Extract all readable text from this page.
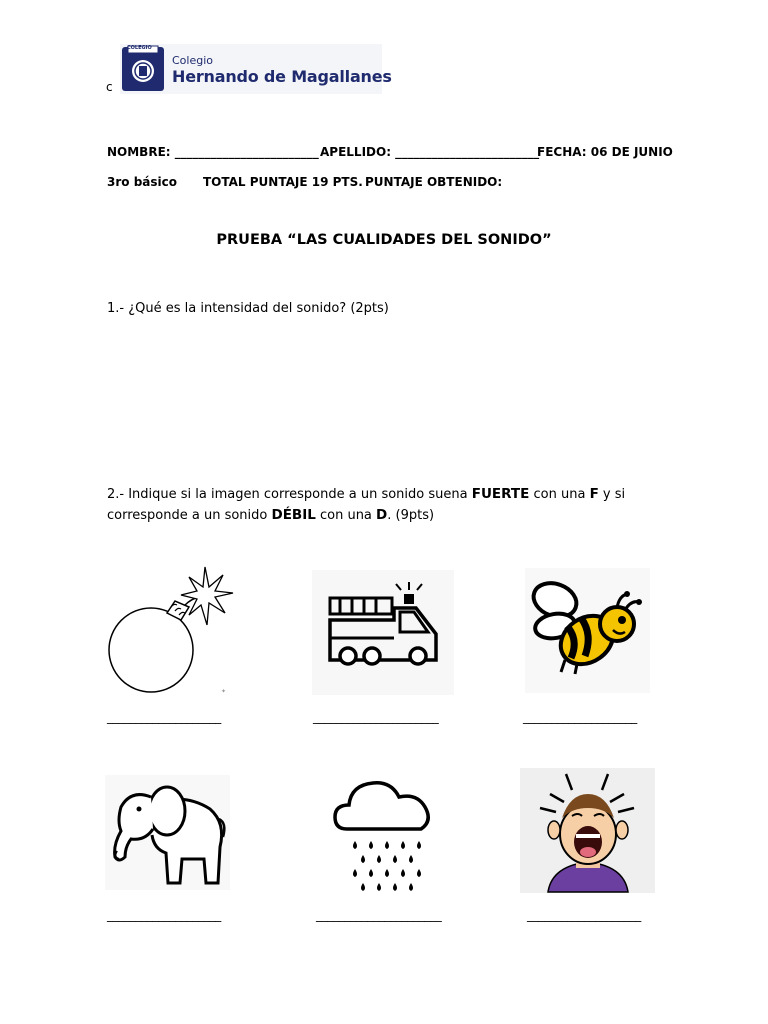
c
COLEGIO
Colegio
Hernando de Magallanes
NOMBRE: ________________________ APELLIDO: ________________________
FECHA: 06 DE JUNIO
3ro básico TOTAL PUNTAJE 19 PTS. PUNTAJE OBTENIDO:
PRUEBA “LAS CUALIDADES DEL SONIDO”
1.- ¿Qué es la intensidad del sonido? (2pts)
2.- Indique si la imagen corresponde a un sonido suena FUERTE con una F y si corresponde a un sonido DÉBIL con una D. (9pts)
✦
____________________	______________________	____________________
____________________	______________________	____________________
